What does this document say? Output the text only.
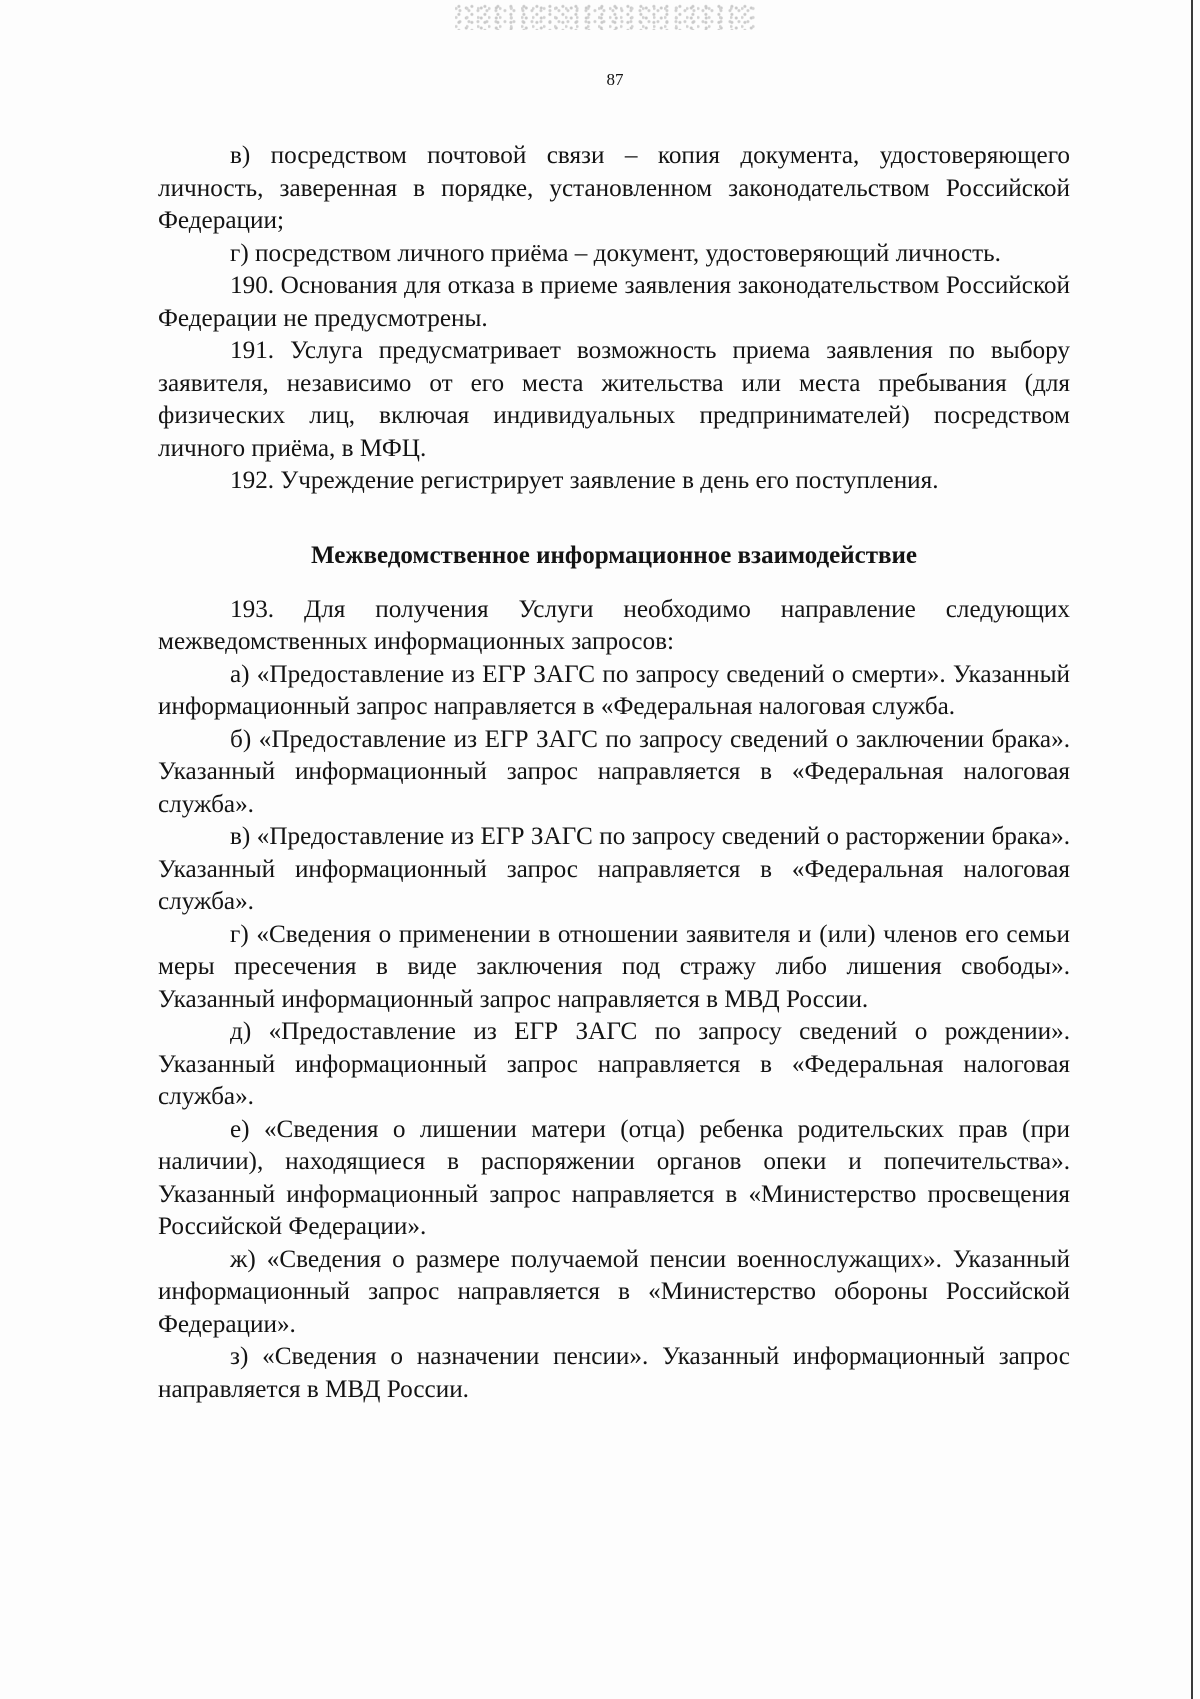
87

в) посредством почтовой связи – копия документа, удостоверяющего личность, заверенная в порядке, установленном законодательством Российской Федерации;

г) посредством личного приёма – документ, удостоверяющий личность.

190. Основания для отказа в приеме заявления законодательством Российской Федерации не предусмотрены.

191. Услуга предусматривает возможность приема заявления по выбору заявителя, независимо от его места жительства или места пребывания (для физических лиц, включая индивидуальных предпринимателей) посредством личного приёма, в МФЦ.

192. Учреждение регистрирует заявление в день его поступления.

Межведомственное информационное взаимодействие

193. Для получения Услуги необходимо направление следующих межведомственных информационных запросов:

а) «Предоставление из ЕГР ЗАГС по запросу сведений о смерти». Указанный информационный запрос направляется в «Федеральная налоговая служба.

б) «Предоставление из ЕГР ЗАГС по запросу сведений о заключении брака». Указанный информационный запрос направляется в «Федеральная налоговая служба».

в) «Предоставление из ЕГР ЗАГС по запросу сведений о расторжении брака». Указанный информационный запрос направляется в «Федеральная налоговая служба».

г) «Сведения о применении в отношении заявителя и (или) членов его семьи меры пресечения в виде заключения под стражу либо лишения свободы». Указанный информационный запрос направляется в МВД России.

д) «Предоставление из ЕГР ЗАГС по запросу сведений о рождении». Указанный информационный запрос направляется в «Федеральная налоговая служба».

е) «Сведения о лишении матери (отца) ребенка родительских прав (при наличии), находящиеся в распоряжении органов опеки и попечительства». Указанный информационный запрос направляется в «Министерство просвещения Российской Федерации».

ж) «Сведения о размере получаемой пенсии военнослужащих». Указанный информационный запрос направляется в «Министерство обороны Российской Федерации».

з) «Сведения о назначении пенсии». Указанный информационный запрос направляется в МВД России.
